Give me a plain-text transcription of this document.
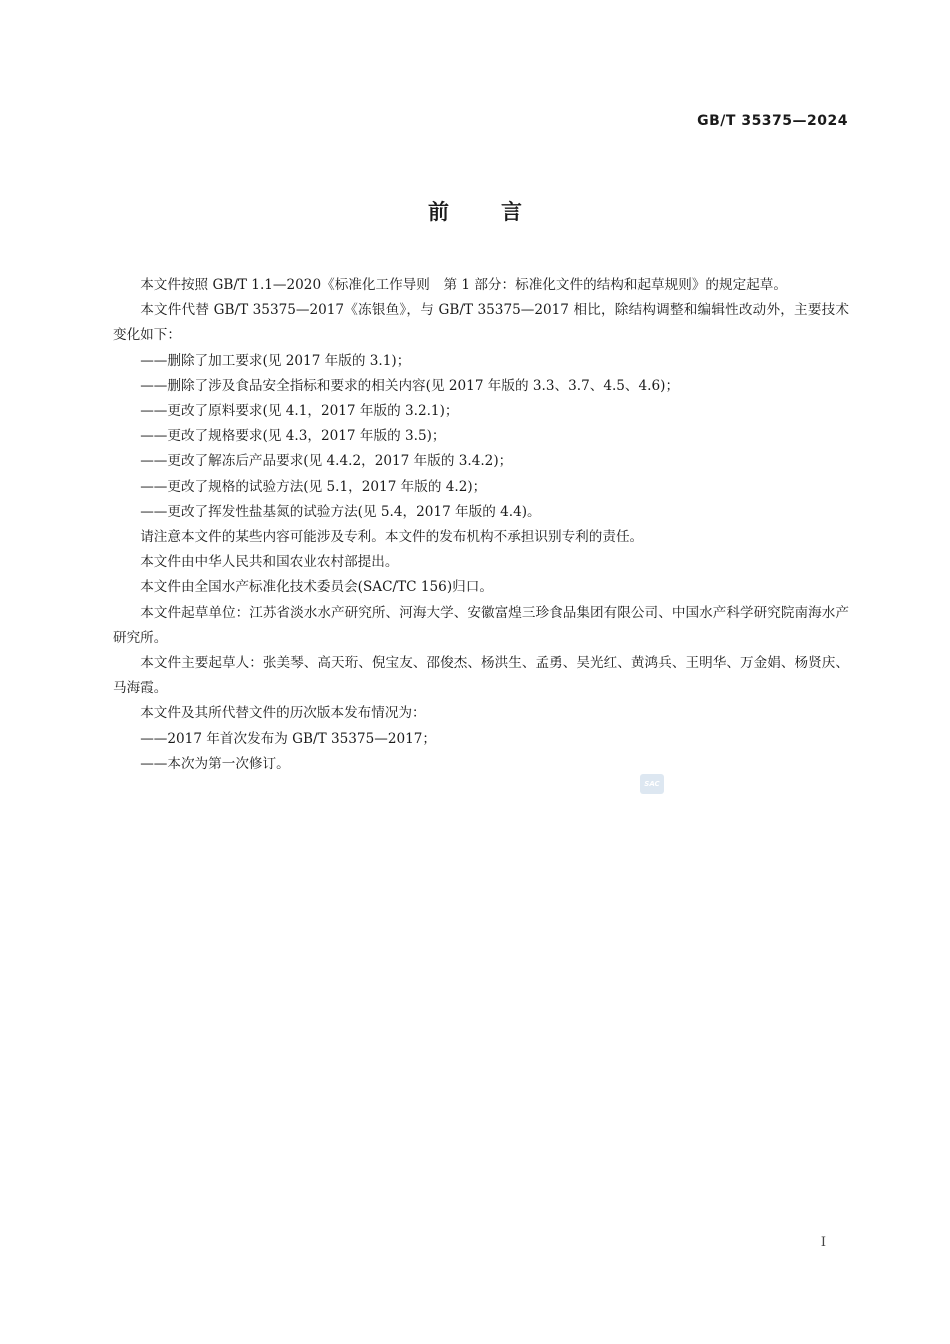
GB/T 35375—2024
前言

本文件按照 GB/T 1.1—2020《标准化工作导则　第 1 部分：标准化文件的结构和起草规则》的规定起草。

本文件代替 GB/T 35375—2017《冻银鱼》，与 GB/T 35375—2017 相比，除结构调整和编辑性改动外，主要技术变化如下：

——删除了加工要求(见 2017 年版的 3.1)；

——删除了涉及食品安全指标和要求的相关内容(见 2017 年版的 3.3、3.7、4.5、4.6)；

——更改了原料要求(见 4.1，2017 年版的 3.2.1)；

——更改了规格要求(见 4.3，2017 年版的 3.5)；

——更改了解冻后产品要求(见 4.4.2，2017 年版的 3.4.2)；

——更改了规格的试验方法(见 5.1，2017 年版的 4.2)；

——更改了挥发性盐基氮的试验方法(见 5.4，2017 年版的 4.4)。

请注意本文件的某些内容可能涉及专利。本文件的发布机构不承担识别专利的责任。

本文件由中华人民共和国农业农村部提出。

本文件由全国水产标准化技术委员会(SAC/TC 156)归口。

本文件起草单位：江苏省淡水水产研究所、河海大学、安徽富煌三珍食品集团有限公司、中国水产科学研究院南海水产研究所。

本文件主要起草人：张美琴、高天珩、倪宝友、邵俊杰、杨洪生、孟勇、吴光红、黄鸿兵、王明华、万金娟、杨贤庆、马海霞。

本文件及其所代替文件的历次版本发布情况为：

——2017 年首次发布为 GB/T 35375—2017；

——本次为第一次修订。

SAC
I
